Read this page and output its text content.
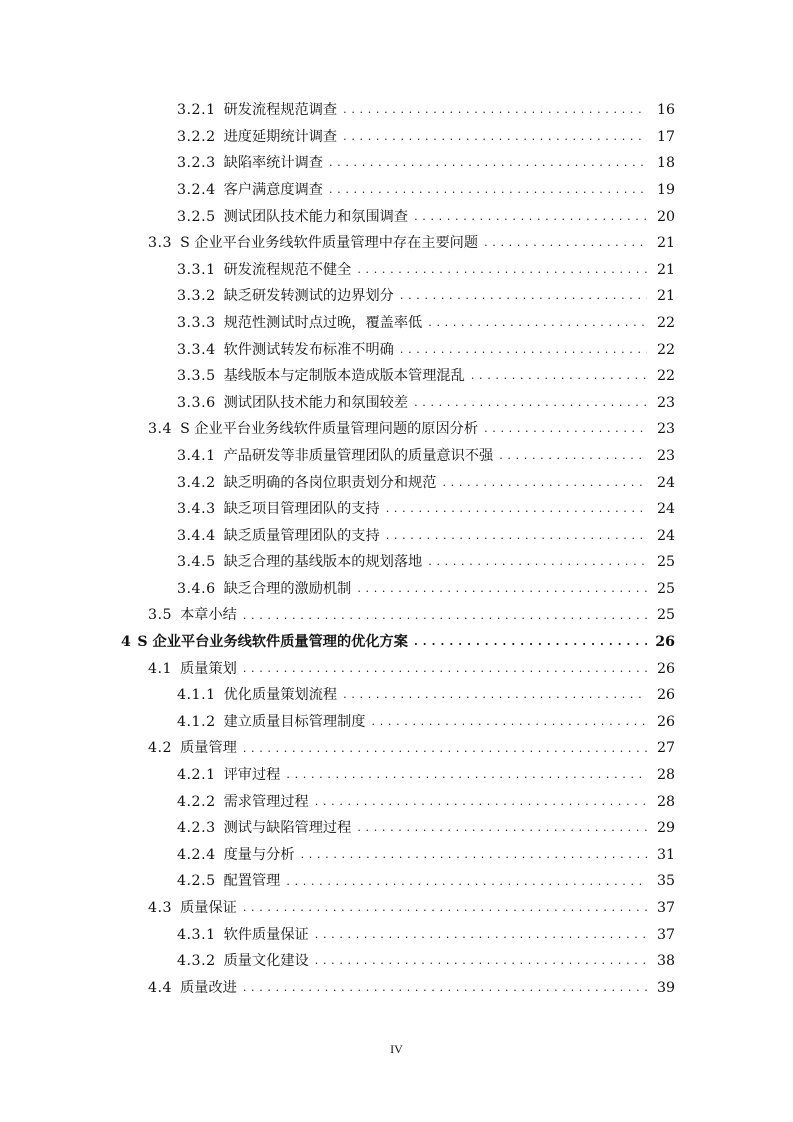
3.2.1 研发流程规范调查 . . .	16
3.2.2 进度延期统计调查 . . .	17
3.2.3 缺陷率统计调查 . . .	18
3.2.4 客户满意度调查 . . .	19
3.2.5 测试团队技术能力和氛围调查 . . .	20
3.3 S 企业平台业务线软件质量管理中存在主要问题 . . .	21
3.3.1 研发流程规范不健全 . . .	21
3.3.2 缺乏研发转测试的边界划分 . . .	21
3.3.3 规范性测试时点过晚，覆盖率低 . . .	22
3.3.4 软件测试转发布标准不明确 . . .	22
3.3.5 基线版本与定制版本造成版本管理混乱 . . .	22
3.3.6 测试团队技术能力和氛围较差 . . .	23
3.4 S 企业平台业务线软件质量管理问题的原因分析 . . .	23
3.4.1 产品研发等非质量管理团队的质量意识不强 . . .	23
3.4.2 缺乏明确的各岗位职责划分和规范 . . .	24
3.4.3 缺乏项目管理团队的支持 . . .	24
3.4.4 缺乏质量管理团队的支持 . . .	24
3.4.5 缺乏合理的基线版本的规划落地 . . .	25
3.4.6 缺乏合理的激励机制 . . .	25
3.5 本章小结 . . .	25
4 S 企业平台业务线软件质量管理的优化方案 . . .	26
4.1 质量策划 . . .	26
4.1.1 优化质量策划流程 . . .	26
4.1.2 建立质量目标管理制度 . . .	26
4.2 质量管理 . . .	27
4.2.1 评审过程 . . .	28
4.2.2 需求管理过程 . . .	28
4.2.3 测试与缺陷管理过程 . . .	29
4.2.4 度量与分析 . . .	31
4.2.5 配置管理 . . .	35
4.3 质量保证 . . .	37
4.3.1 软件质量保证 . . .	37
4.3.2 质量文化建设 . . .	38
4.4 质量改进 . . .	39
IV
